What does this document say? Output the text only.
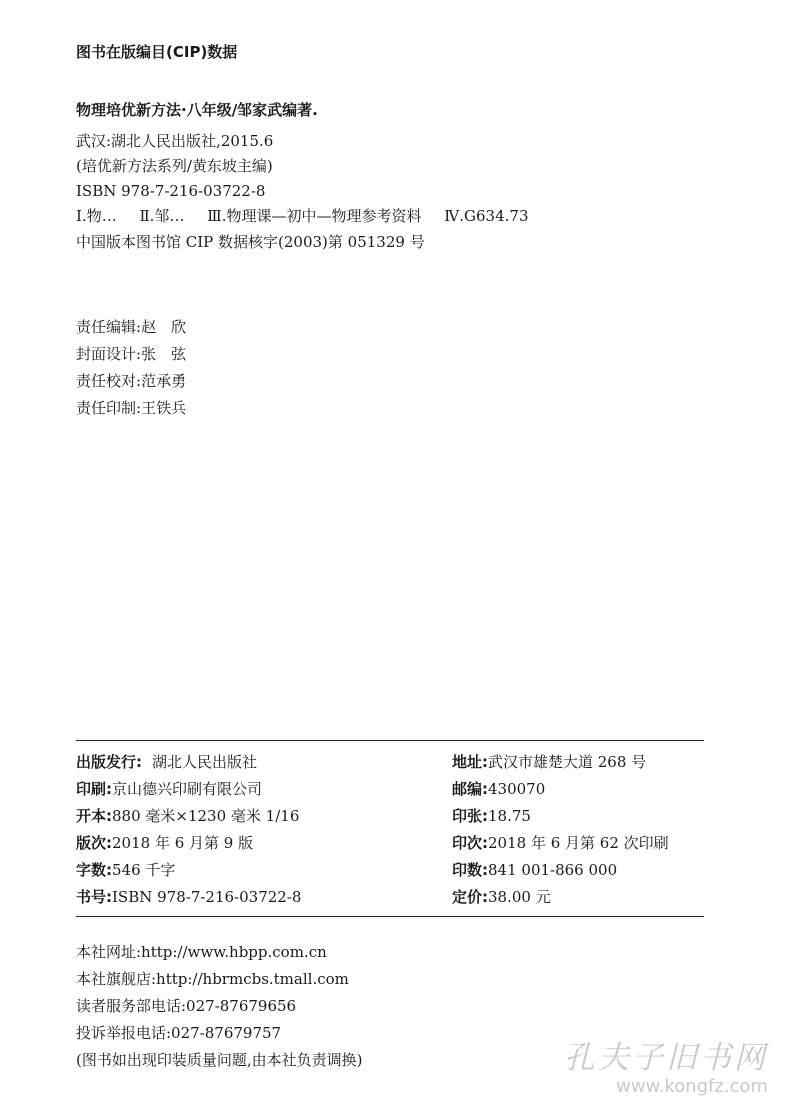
图书在版编目(CIP)数据
物理培优新方法·八年级/邹家武编著.
武汉:湖北人民出版社,2015.6
(培优新方法系列/黄东坡主编)
ISBN 978-7-216-03722-8
Ⅰ.物… Ⅱ.邹… Ⅲ.物理课—初中—物理参考资料 Ⅳ.G634.73
中国版本图书馆 CIP 数据核字(2003)第 051329 号
责任编辑:赵　欣
封面设计:张　弦
责任校对:范承勇
责任印制:王铁兵
出版发行: 湖北人民出版社
印刷:京山德兴印刷有限公司
开本:880 毫米×1230 毫米 1/16
版次:2018 年 6 月第 9 版
字数:546 千字
书号:ISBN 978-7-216-03722-8
地址:武汉市雄楚大道 268 号
邮编:430070
印张:18.75
印次:2018 年 6 月第 62 次印刷
印数:841 001-866 000
定价:38.00 元
本社网址:http://www.hbpp.com.cn
本社旗舰店:http://hbrmcbs.tmall.com
读者服务部电话:027-87679656
投诉举报电话:027-87679757
(图书如出现印装质量问题,由本社负责调换)	孔夫子旧书网
www.kongfz.com
